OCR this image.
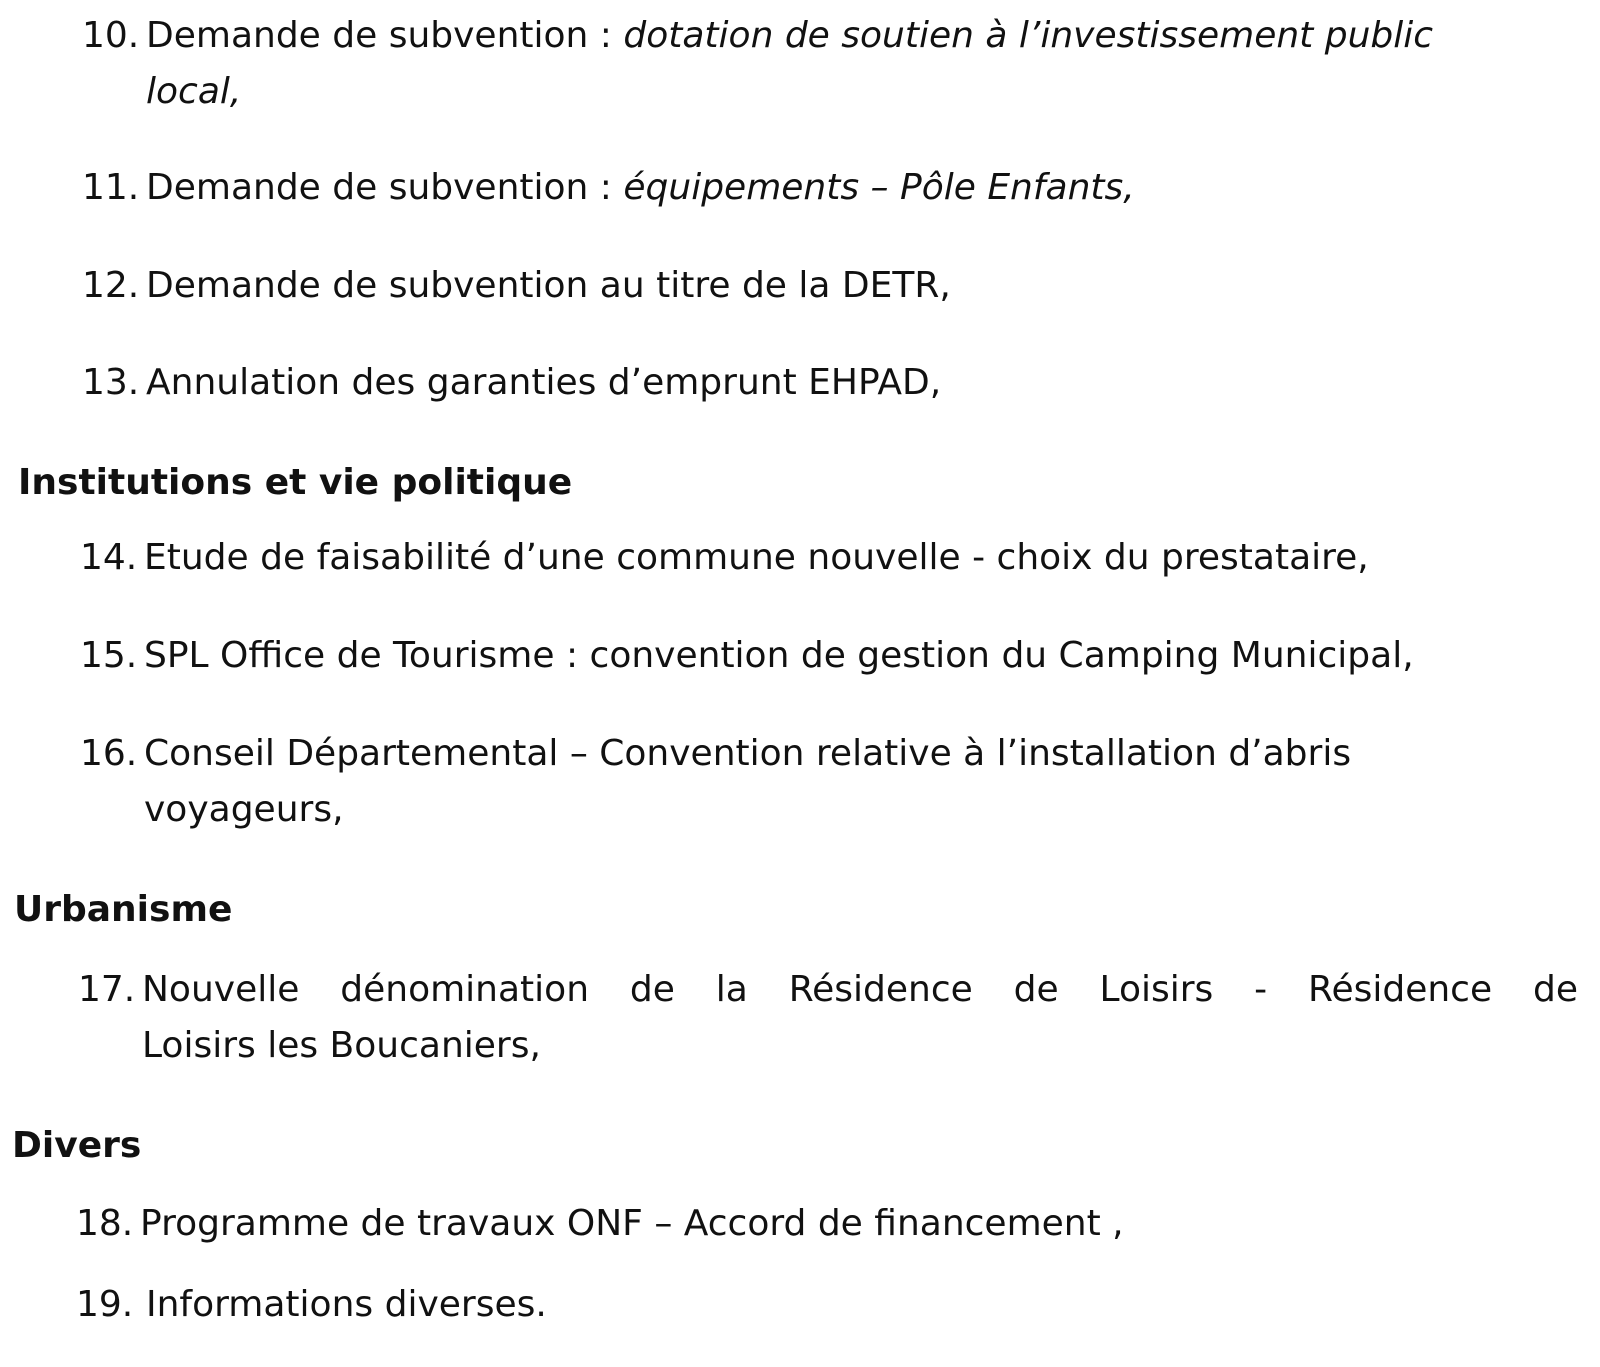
10. Demande de subvention : dotation de soutien à l’investissement public
local,
11. Demande de subvention : équipements – Pôle Enfants,
12. Demande de subvention au titre de la DETR,
13. Annulation des garanties d’emprunt EHPAD,
Institutions et vie politique
14. Etude de faisabilité d’une commune nouvelle - choix du prestataire,
15. SPL Office de Tourisme : convention de gestion du Camping Municipal,
16. Conseil Départemental – Convention relative à l’installation d’abris
voyageurs,
Urbanisme
17. Nouvelle dénomination de la Résidence de Loisirs - Résidence de
Loisirs les Boucaniers,
Divers
18. Programme de travaux ONF – Accord de financement ,
19. Informations diverses.
